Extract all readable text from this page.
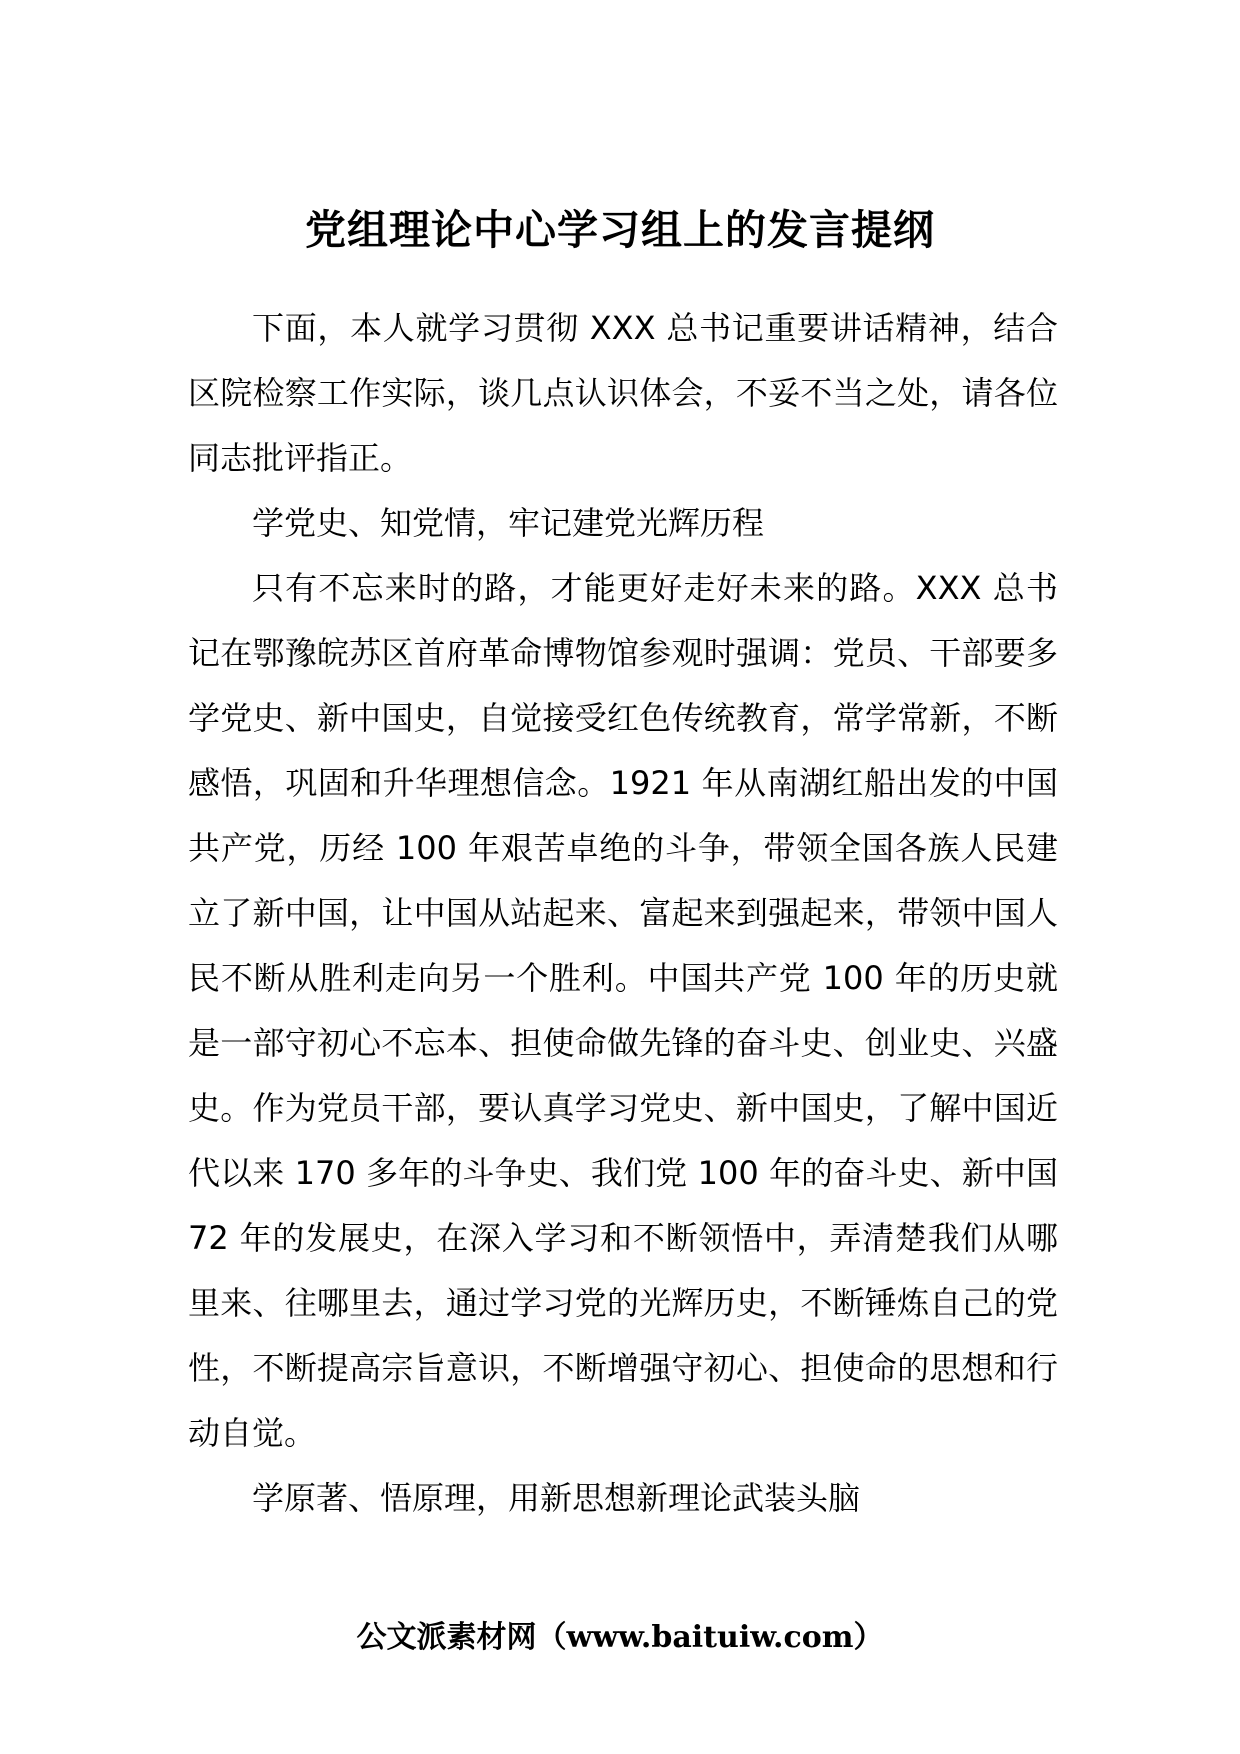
党组理论中心学习组上的发言提纲

下面，本人就学习贯彻 XXX 总书记重要讲话精神，结合区院检察工作实际，谈几点认识体会，不妥不当之处，请各位同志批评指正。

学党史、知党情，牢记建党光辉历程

只有不忘来时的路，才能更好走好未来的路。XXX 总书记在鄂豫皖苏区首府革命博物馆参观时强调：党员、干部要多学党史、新中国史，自觉接受红色传统教育，常学常新，不断感悟，巩固和升华理想信念。1921 年从南湖红船出发的中国共产党，历经 100 年艰苦卓绝的斗争，带领全国各族人民建立了新中国，让中国从站起来、富起来到强起来，带领中国人民不断从胜利走向另一个胜利。中国共产党 100 年的历史就是一部守初心不忘本、担使命做先锋的奋斗史、创业史、兴盛史。作为党员干部，要认真学习党史、新中国史，了解中国近代以来 170 多年的斗争史、我们党 100 年的奋斗史、新中国 72 年的发展史，在深入学习和不断领悟中，弄清楚我们从哪里来、往哪里去，通过学习党的光辉历史，不断锤炼自己的党性，不断提高宗旨意识，不断增强守初心、担使命的思想和行动自觉。

学原著、悟原理，用新思想新理论武装头脑

公文派素材网（www.baituiw.com）
